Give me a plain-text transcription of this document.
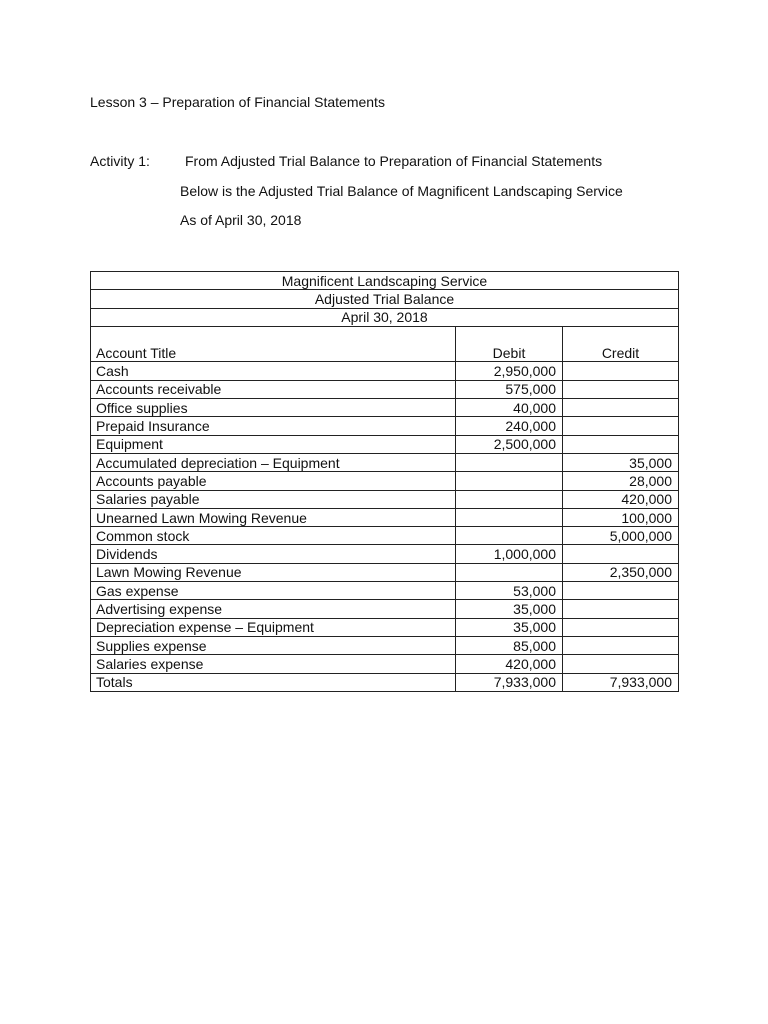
Lesson 3 – Preparation of Financial Statements
Activity 1:	From Adjusted Trial Balance to Preparation of Financial Statements
Below is the Adjusted Trial Balance of Magnificent Landscaping Service
As of April 30, 2018
Magnificent Landscaping Service		
Adjusted Trial Balance		
April 30, 2018		

Account Title	Debit	Credit
Cash	2,950,000	
Accounts receivable	575,000	
Office supplies	40,000	
Prepaid Insurance	240,000	
Equipment	2,500,000	
Accumulated depreciation – Equipment		35,000
Accounts payable		28,000
Salaries payable		420,000
Unearned Lawn Mowing Revenue		100,000
Common stock		5,000,000
Dividends	1,000,000	
Lawn Mowing Revenue		2,350,000
Gas expense	53,000	
Advertising expense	35,000	
Depreciation expense – Equipment	35,000	
Supplies expense	85,000	
Salaries expense	420,000	
Totals	7,933,000	7,933,000
